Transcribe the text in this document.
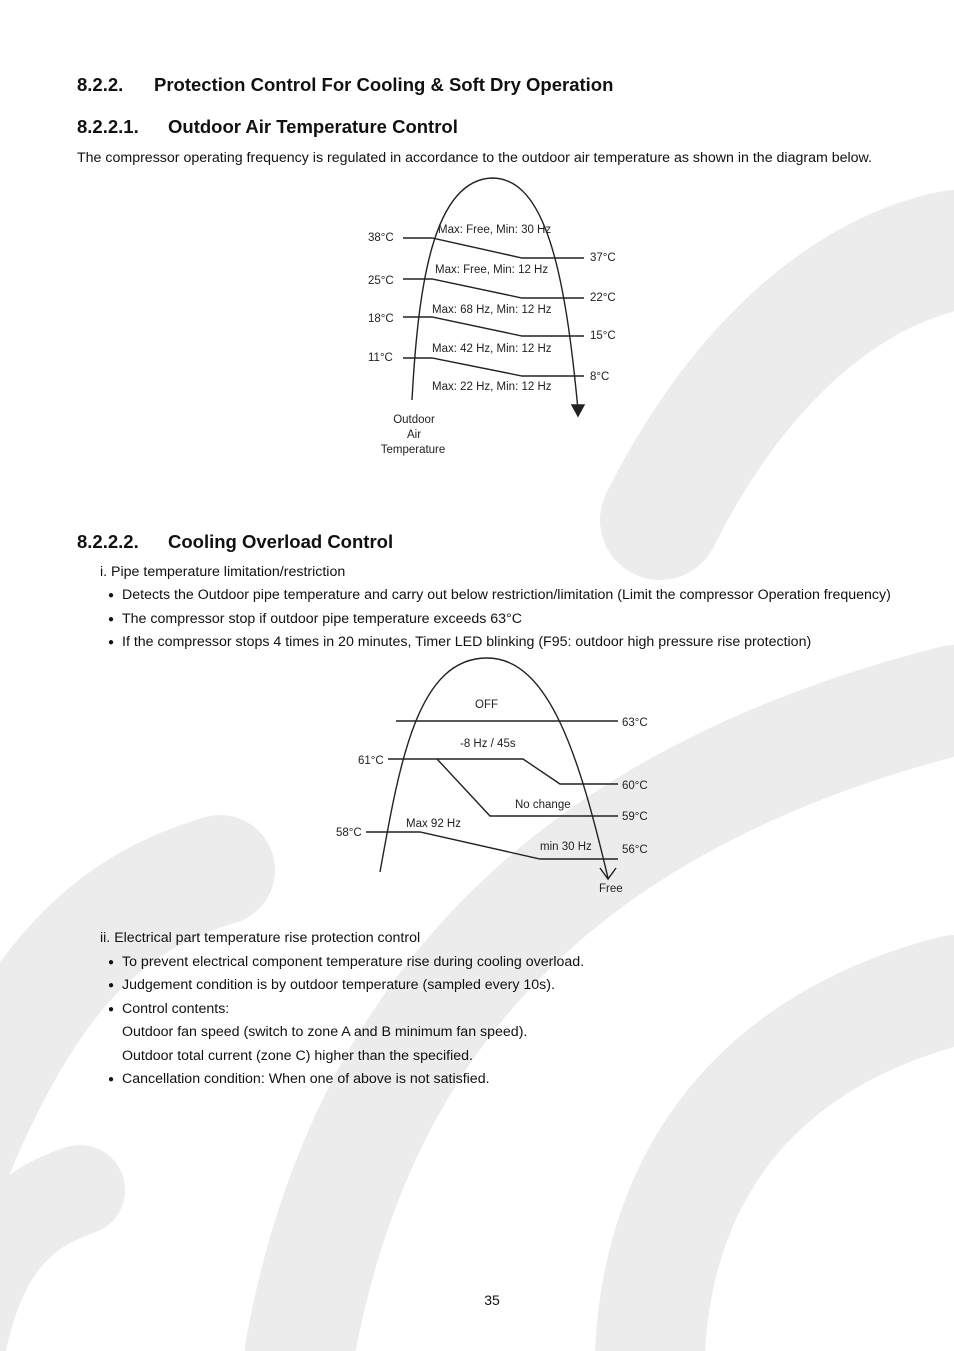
8.2.2. Protection Control For Cooling & Soft Dry Operation
8.2.2.1. Outdoor Air Temperature Control
The compressor operating frequency is regulated in accordance to the outdoor air temperature as shown in the diagram below.
38°C
25°C
18°C
11°C
37°C
22°C
15°C
8°C
Max: Free, Min: 30 Hz
Max: Free, Min: 12 Hz
Max: 68 Hz, Min: 12 Hz
Max: 42 Hz, Min: 12 Hz
Max: 22 Hz, Min: 12 Hz
Outdoor
Air
Temperature
8.2.2.2. Cooling Overload Control
i. Pipe temperature limitation/restriction
● Detects the Outdoor pipe temperature and carry out below restriction/limitation (Limit the compressor Operation frequency)
● The compressor stop if outdoor pipe temperature exceeds 63°C
● If the compressor stops 4 times in 20 minutes, Timer LED blinking (F95: outdoor high pressure rise protection)
OFF
-8 Hz / 45s
No change
Max 92 Hz
min 30 Hz
Free
61°C
58°C
63°C
60°C
59°C
56°C
ii. Electrical part temperature rise protection control
● To prevent electrical component temperature rise during cooling overload.
● Judgement condition is by outdoor temperature (sampled every 10s).
● Control contents:
Outdoor fan speed (switch to zone A and B minimum fan speed).
Outdoor total current (zone C) higher than the specified.
● Cancellation condition: When one of above is not satisfied.
35
